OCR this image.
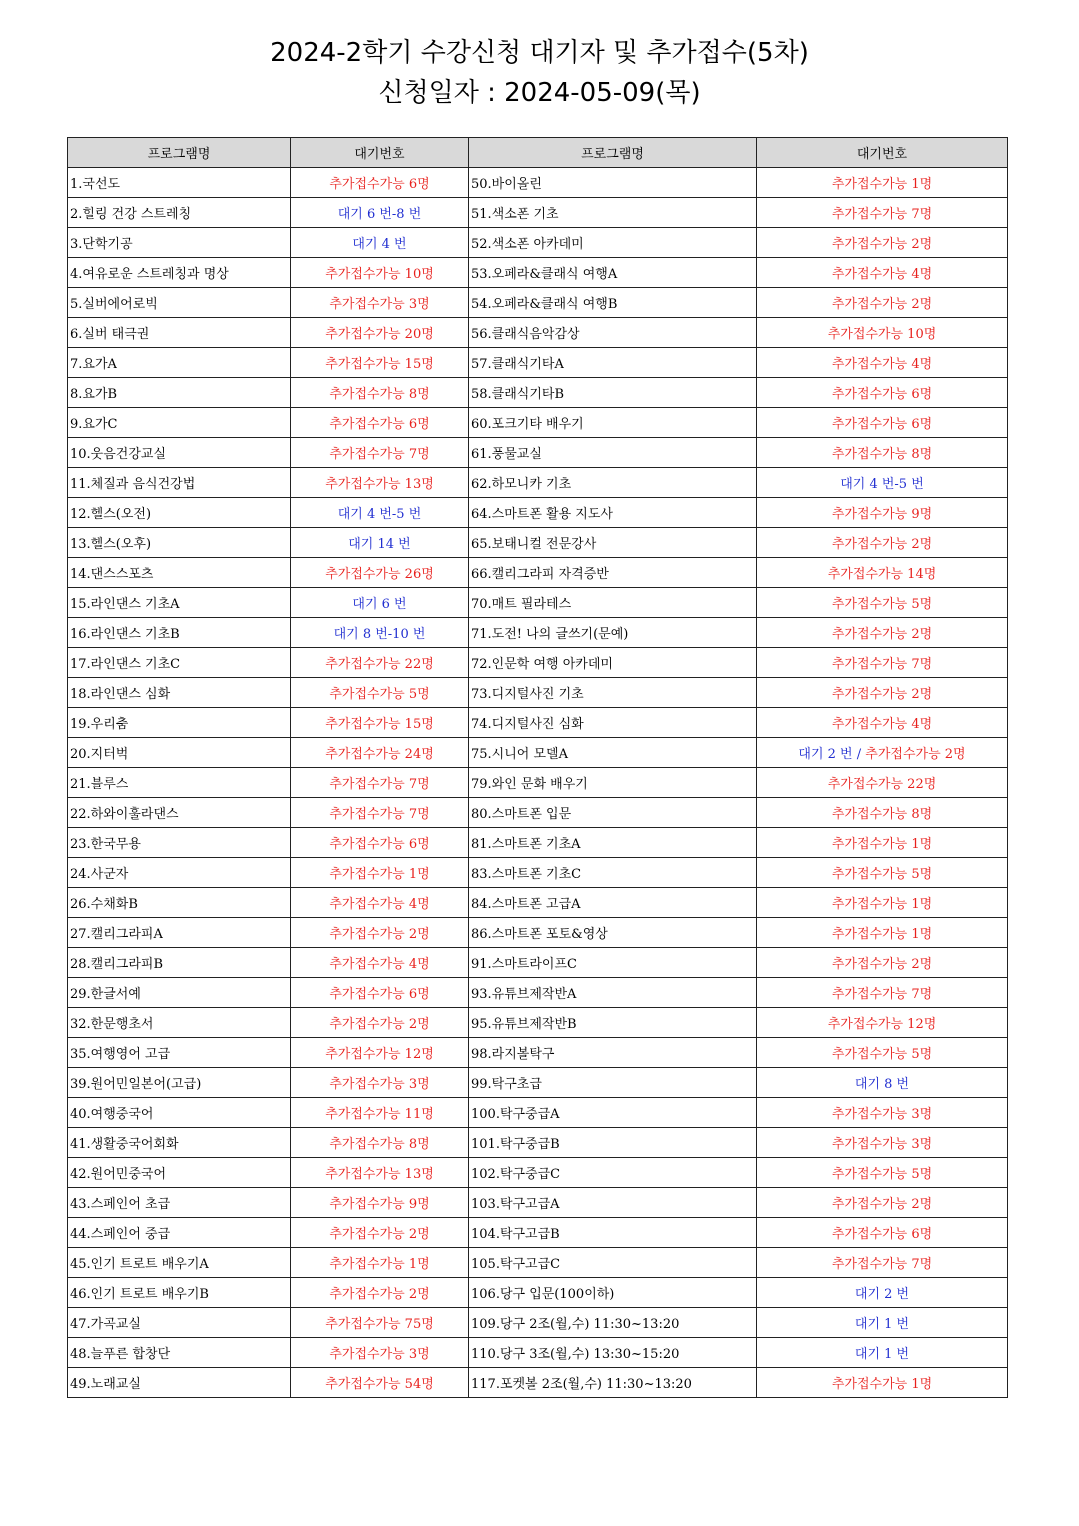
2024-2학기 수강신청 대기자 및 추가접수(5차)
신청일자 : 2024-05-09(목)
프로그램명	대기번호	프로그램명	대기번호
1.국선도	추가접수가능 6명	50.바이올린	추가접수가능 1명
2.힐링 건강 스트레칭	대기 6 번-8 번	51.색소폰 기초	추가접수가능 7명
3.단학기공	대기 4 번	52.색소폰 아카데미	추가접수가능 2명
4.여유로운 스트레칭과 명상	추가접수가능 10명	53.오페라&클래식 여행A	추가접수가능 4명
5.실버에어로빅	추가접수가능 3명	54.오페라&클래식 여행B	추가접수가능 2명
6.실버 태극권	추가접수가능 20명	56.클래식음악감상	추가접수가능 10명
7.요가A	추가접수가능 15명	57.클래식기타A	추가접수가능 4명
8.요가B	추가접수가능 8명	58.클래식기타B	추가접수가능 6명
9.요가C	추가접수가능 6명	60.포크기타 배우기	추가접수가능 6명
10.웃음건강교실	추가접수가능 7명	61.풍물교실	추가접수가능 8명
11.체질과 음식건강법	추가접수가능 13명	62.하모니카 기초	대기 4 번-5 번
12.헬스(오전)	대기 4 번-5 번	64.스마트폰 활용 지도사	추가접수가능 9명
13.헬스(오후)	대기 14 번	65.보태니컬 전문강사	추가접수가능 2명
14.댄스스포츠	추가접수가능 26명	66.캘리그라피 자격증반	추가접수가능 14명
15.라인댄스 기초A	대기 6 번	70.매트 필라테스	추가접수가능 5명
16.라인댄스 기초B	대기 8 번-10 번	71.도전! 나의 글쓰기(문예)	추가접수가능 2명
17.라인댄스 기초C	추가접수가능 22명	72.인문학 여행 아카데미	추가접수가능 7명
18.라인댄스 심화	추가접수가능 5명	73.디지털사진 기초	추가접수가능 2명
19.우리춤	추가접수가능 15명	74.디지털사진 심화	추가접수가능 4명
20.지터벅	추가접수가능 24명	75.시니어 모델A	대기 2 번 / 추가접수가능 2명
21.블루스	추가접수가능 7명	79.와인 문화 배우기	추가접수가능 22명
22.하와이훌라댄스	추가접수가능 7명	80.스마트폰 입문	추가접수가능 8명
23.한국무용	추가접수가능 6명	81.스마트폰 기초A	추가접수가능 1명
24.사군자	추가접수가능 1명	83.스마트폰 기초C	추가접수가능 5명
26.수채화B	추가접수가능 4명	84.스마트폰 고급A	추가접수가능 1명
27.캘리그라피A	추가접수가능 2명	86.스마트폰 포토&영상	추가접수가능 1명
28.캘리그라피B	추가접수가능 4명	91.스마트라이프C	추가접수가능 2명
29.한글서예	추가접수가능 6명	93.유튜브제작반A	추가접수가능 7명
32.한문행초서	추가접수가능 2명	95.유튜브제작반B	추가접수가능 12명
35.여행영어 고급	추가접수가능 12명	98.라지볼탁구	추가접수가능 5명
39.원어민일본어(고급)	추가접수가능 3명	99.탁구초급	대기 8 번
40.여행중국어	추가접수가능 11명	100.탁구중급A	추가접수가능 3명
41.생활중국어회화	추가접수가능 8명	101.탁구중급B	추가접수가능 3명
42.원어민중국어	추가접수가능 13명	102.탁구중급C	추가접수가능 5명
43.스페인어 초급	추가접수가능 9명	103.탁구고급A	추가접수가능 2명
44.스페인어 중급	추가접수가능 2명	104.탁구고급B	추가접수가능 6명
45.인기 트로트 배우기A	추가접수가능 1명	105.탁구고급C	추가접수가능 7명
46.인기 트로트 배우기B	추가접수가능 2명	106.당구 입문(100이하)	대기 2 번
47.가곡교실	추가접수가능 75명	109.당구 2조(월,수) 11:30~13:20	대기 1 번
48.늘푸른 합창단	추가접수가능 3명	110.당구 3조(월,수) 13:30~15:20	대기 1 번
49.노래교실	추가접수가능 54명	117.포켓볼 2조(월,수) 11:30~13:20	추가접수가능 1명
